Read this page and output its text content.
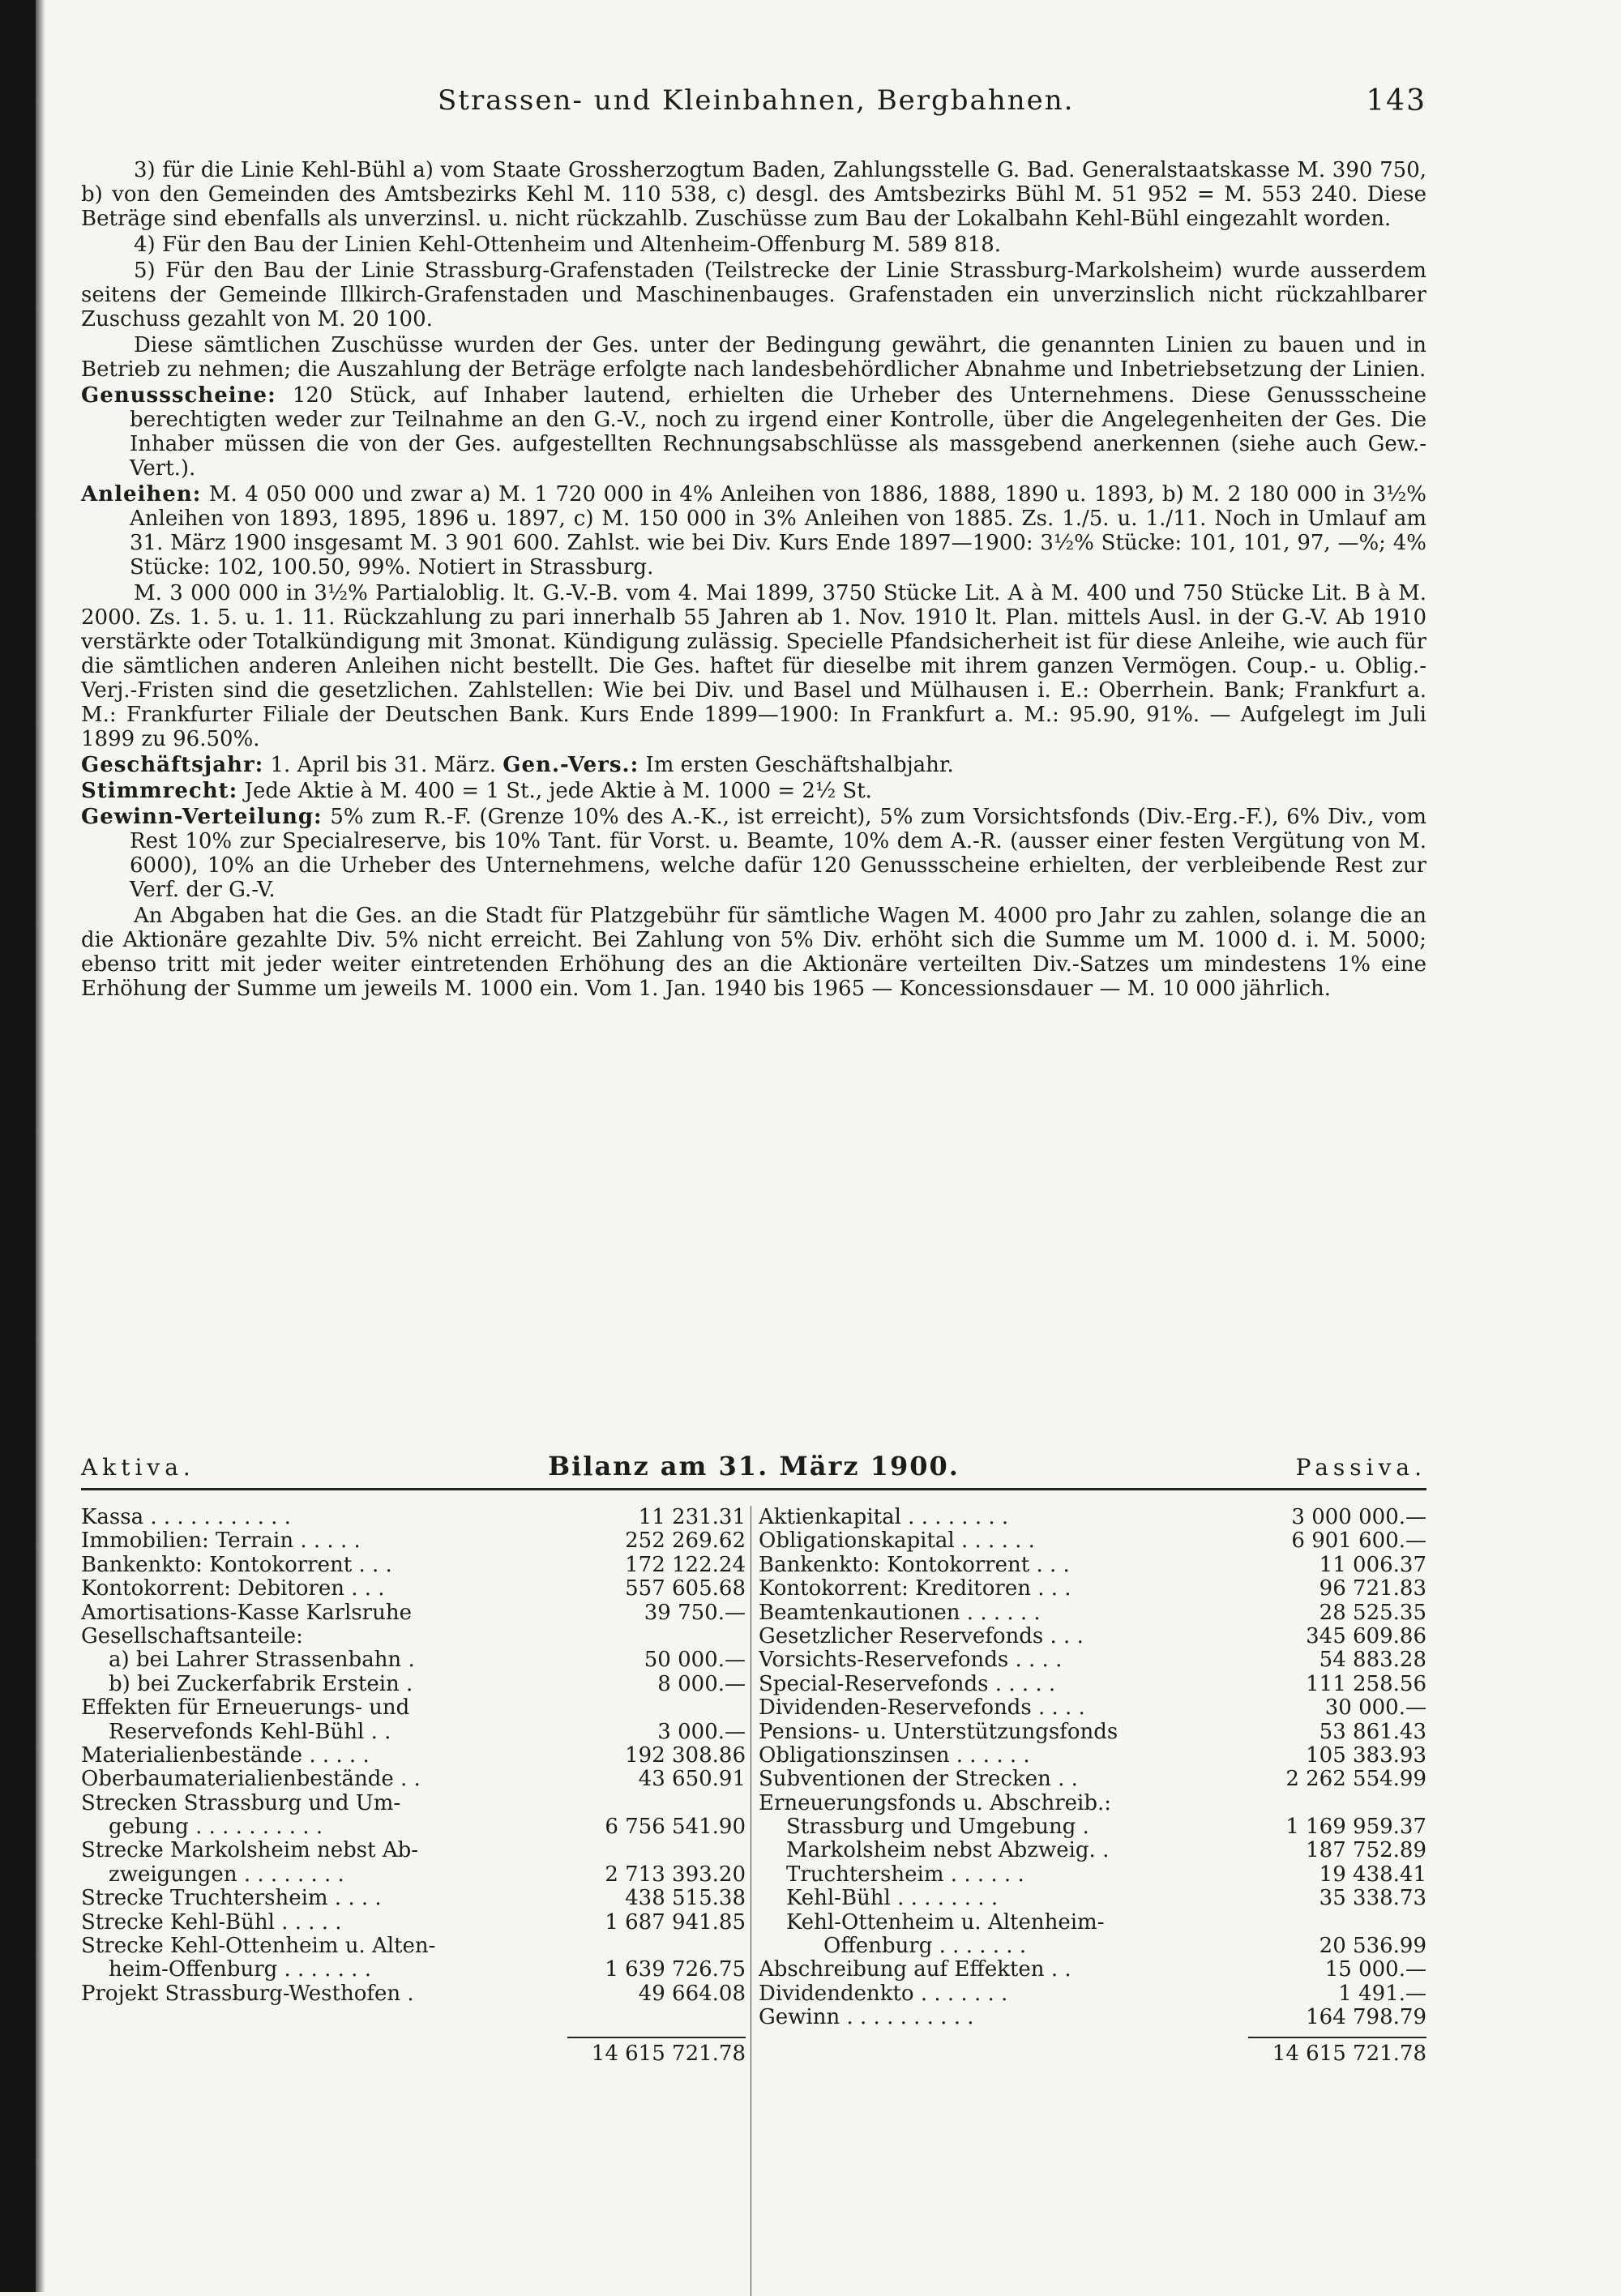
Strassen- und Kleinbahnen, Bergbahnen.	143

3) für die Linie Kehl-Bühl a) vom Staate Grossherzogtum Baden, Zahlungsstelle G. Bad. Generalstaatskasse M. 390 750, b) von den Gemeinden des Amtsbezirks Kehl M. 110 538, c) desgl. des Amtsbezirks Bühl M. 51 952 = M. 553 240. Diese Beträge sind ebenfalls als unverzinsl. u. nicht rückzahlb. Zuschüsse zum Bau der Lokalbahn Kehl-Bühl eingezahlt worden.

4) Für den Bau der Linien Kehl-Ottenheim und Altenheim-Offenburg M. 589 818.

5) Für den Bau der Linie Strassburg-Grafenstaden (Teilstrecke der Linie Strassburg-Markolsheim) wurde ausserdem seitens der Gemeinde Illkirch-Grafenstaden und Maschinenbauges. Grafenstaden ein unverzinslich nicht rückzahlbarer Zuschuss gezahlt von M. 20 100.

Diese sämtlichen Zuschüsse wurden der Ges. unter der Bedingung gewährt, die genannten Linien zu bauen und in Betrieb zu nehmen; die Auszahlung der Beträge erfolgte nach landesbehördlicher Abnahme und Inbetriebsetzung der Linien.

Genussscheine: 120 Stück, auf Inhaber lautend, erhielten die Urheber des Unternehmens. Diese Genussscheine berechtigten weder zur Teilnahme an den G.-V., noch zu irgend einer Kontrolle, über die Angelegenheiten der Ges. Die Inhaber müssen die von der Ges. aufgestellten Rechnungsabschlüsse als massgebend anerkennen (siehe auch Gew.-Vert.).

Anleihen: M. 4 050 000 und zwar a) M. 1 720 000 in 4% Anleihen von 1886, 1888, 1890 u. 1893, b) M. 2 180 000 in 3½% Anleihen von 1893, 1895, 1896 u. 1897, c) M. 150 000 in 3% Anleihen von 1885. Zs. 1./5. u. 1./11. Noch in Umlauf am 31. März 1900 insgesamt M. 3 901 600. Zahlst. wie bei Div. Kurs Ende 1897—1900: 3½% Stücke: 101, 101, 97, —%; 4% Stücke: 102, 100.50, 99%. Notiert in Strassburg.

M. 3 000 000 in 3½% Partialoblig. lt. G.-V.-B. vom 4. Mai 1899, 3750 Stücke Lit. A à M. 400 und 750 Stücke Lit. B à M. 2000. Zs. 1. 5. u. 1. 11. Rückzahlung zu pari innerhalb 55 Jahren ab 1. Nov. 1910 lt. Plan. mittels Ausl. in der G.-V. Ab 1910 verstärkte oder Totalkündigung mit 3monat. Kündigung zulässig. Specielle Pfandsicherheit ist für diese Anleihe, wie auch für die sämtlichen anderen Anleihen nicht bestellt. Die Ges. haftet für dieselbe mit ihrem ganzen Vermögen. Coup.- u. Oblig.-Verj.-Fristen sind die gesetzlichen. Zahlstellen: Wie bei Div. und Basel und Mülhausen i. E.: Oberrhein. Bank; Frankfurt a. M.: Frankfurter Filiale der Deutschen Bank. Kurs Ende 1899—1900: In Frankfurt a. M.: 95.90, 91%. — Aufgelegt im Juli 1899 zu 96.50%.

Geschäftsjahr: 1. April bis 31. März. Gen.-Vers.: Im ersten Geschäftshalbjahr.

Stimmrecht: Jede Aktie à M. 400 = 1 St., jede Aktie à M. 1000 = 2½ St.

Gewinn-Verteilung: 5% zum R.-F. (Grenze 10% des A.-K., ist erreicht), 5% zum Vorsichtsfonds (Div.-Erg.-F.), 6% Div., vom Rest 10% zur Specialreserve, bis 10% Tant. für Vorst. u. Beamte, 10% dem A.-R. (ausser einer festen Vergütung von M. 6000), 10% an die Urheber des Unternehmens, welche dafür 120 Genussscheine erhielten, der verbleibende Rest zur Verf. der G.-V.

An Abgaben hat die Ges. an die Stadt für Platzgebühr für sämtliche Wagen M. 4000 pro Jahr zu zahlen, solange die an die Aktionäre gezahlte Div. 5% nicht erreicht. Bei Zahlung von 5% Div. erhöht sich die Summe um M. 1000 d. i. M. 5000; ebenso tritt mit jeder weiter eintretenden Erhöhung des an die Aktionäre verteilten Div.-Satzes um mindestens 1% eine Erhöhung der Summe um jeweils M. 1000 ein. Vom 1. Jan. 1940 bis 1965 — Koncessionsdauer — M. 10 000 jährlich.

Aktiva.	Bilanz am 31. März 1900.	Passiva.
Kassa . . . . . . . . . . .	11 231.31
Immobilien: Terrain . . . . .	252 269.62
Bankenkto: Kontokorrent . . .	172 122.24
Kontokorrent: Debitoren . . .	557 605.68
Amortisations-Kasse Karlsruhe	39 750.—
Gesellschaftsanteile:
a) bei Lahrer Strassenbahn .	50 000.—
b) bei Zuckerfabrik Erstein .	8 000.—
Effekten für Erneuerungs- und
Reservefonds Kehl-Bühl . .	3 000.—
Materialienbestände . . . . .	192 308.86
Oberbaumaterialienbestände . .	43 650.91
Strecken Strassburg und Um-
gebung . . . . . . . . . .	6 756 541.90
Strecke Markolsheim nebst Ab-
zweigungen . . . . . . . .	2 713 393.20
Strecke Truchtersheim . . . .	438 515.38
Strecke Kehl-Bühl . . . . .	1 687 941.85
Strecke Kehl-Ottenheim u. Alten-
heim-Offenburg . . . . . . .	1 639 726.75
Projekt Strassburg-Westhofen .	49 664.08
Aktienkapital . . . . . . . .	3 000 000.—
Obligationskapital . . . . . .	6 901 600.—
Bankenkto: Kontokorrent . . .	11 006.37
Kontokorrent: Kreditoren . . .	96 721.83
Beamtenkautionen . . . . . .	28 525.35
Gesetzlicher Reservefonds . . .	345 609.86
Vorsichts-Reservefonds . . . .	54 883.28
Special-Reservefonds . . . . .	111 258.56
Dividenden-Reservefonds . . . .	30 000.—
Pensions- u. Unterstützungsfonds	53 861.43
Obligationszinsen . . . . . .	105 383.93
Subventionen der Strecken . .	2 262 554.99
Erneuerungsfonds u. Abschreib.:
Strassburg und Umgebung .	1 169 959.37
Markolsheim nebst Abzweig. .	187 752.89
Truchtersheim . . . . . .	19 438.41
Kehl-Bühl . . . . . . . .	35 338.73
Kehl-Ottenheim u. Altenheim-
Offenburg . . . . . . .	20 536.99
Abschreibung auf Effekten . .	15 000.—
Dividendenkto . . . . . . .	1 491.—
Gewinn . . . . . . . . . .	164 798.79
14 615 721.78	14 615 721.78
